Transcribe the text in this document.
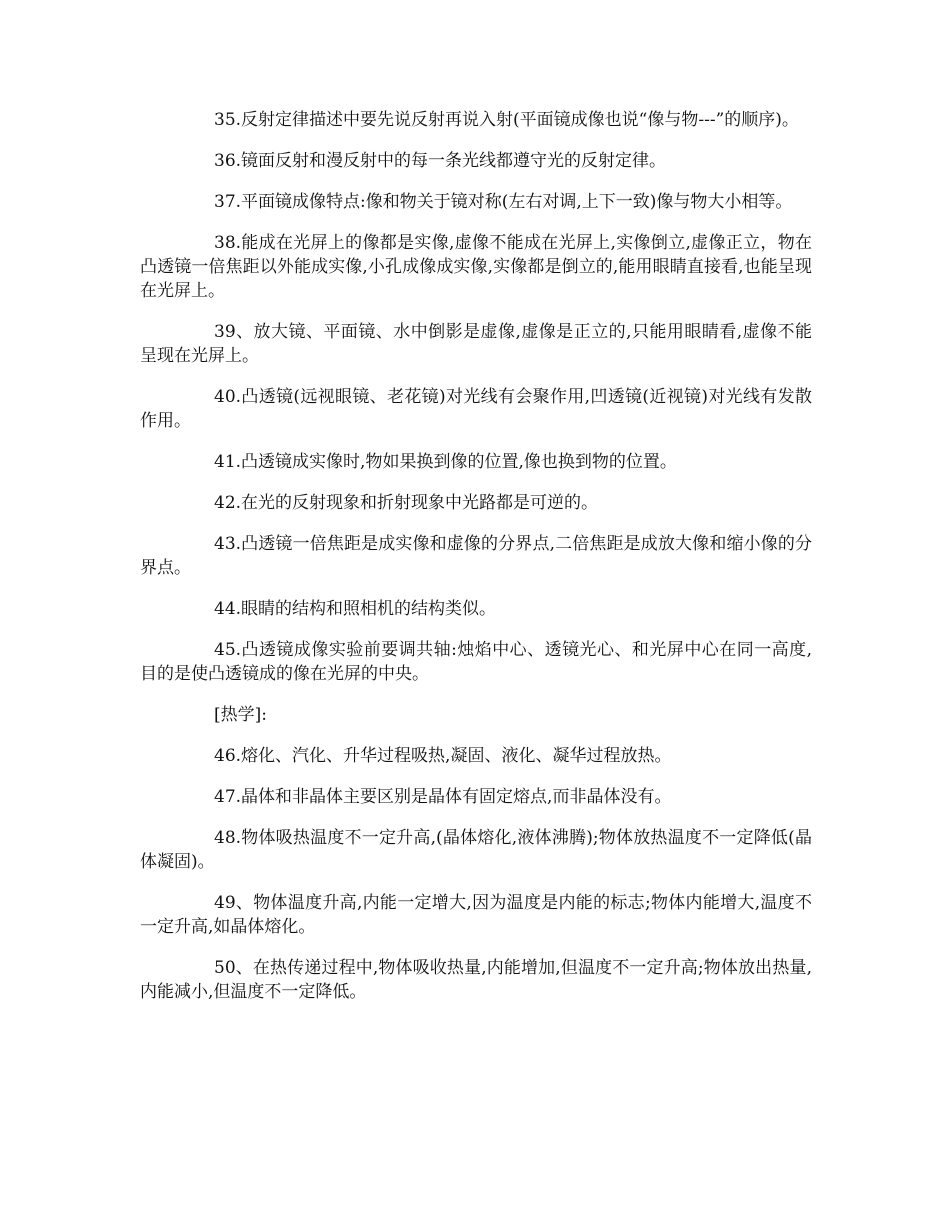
35.反射定律描述中要先说反射再说入射(平面镜成像也说“像与物---”的顺序)。

36.镜面反射和漫反射中的每一条光线都遵守光的反射定律。

37.平面镜成像特点:像和物关于镜对称(左右对调,上下一致)像与物大小相等。

38.能成在光屏上的像都是实像,虚像不能成在光屏上,实像倒立,虚像正立，物在凸透镜一倍焦距以外能成实像,小孔成像成实像,实像都是倒立的,能用眼睛直接看,也能呈现在光屏上。

39、放大镜、平面镜、水中倒影是虚像,虚像是正立的,只能用眼睛看,虚像不能呈现在光屏上。

40.凸透镜(远视眼镜、老花镜)对光线有会聚作用,凹透镜(近视镜)对光线有发散作用。

41.凸透镜成实像时,物如果换到像的位置,像也换到物的位置。

42.在光的反射现象和折射现象中光路都是可逆的。

43.凸透镜一倍焦距是成实像和虚像的分界点,二倍焦距是成放大像和缩小像的分界点。

44.眼睛的结构和照相机的结构类似。

45.凸透镜成像实验前要调共轴:烛焰中心、透镜光心、和光屏中心在同一高度,目的是使凸透镜成的像在光屏的中央。

[热学]:

46.熔化、汽化、升华过程吸热,凝固、液化、凝华过程放热。

47.晶体和非晶体主要区别是晶体有固定熔点,而非晶体没有。

48.物体吸热温度不一定升高,(晶体熔化,液体沸腾);物体放热温度不一定降低(晶体凝固)。

49、物体温度升高,内能一定增大,因为温度是内能的标志;物体内能增大,温度不一定升高,如晶体熔化。

50、在热传递过程中,物体吸收热量,内能增加,但温度不一定升高;物体放出热量,内能减小,但温度不一定降低。
